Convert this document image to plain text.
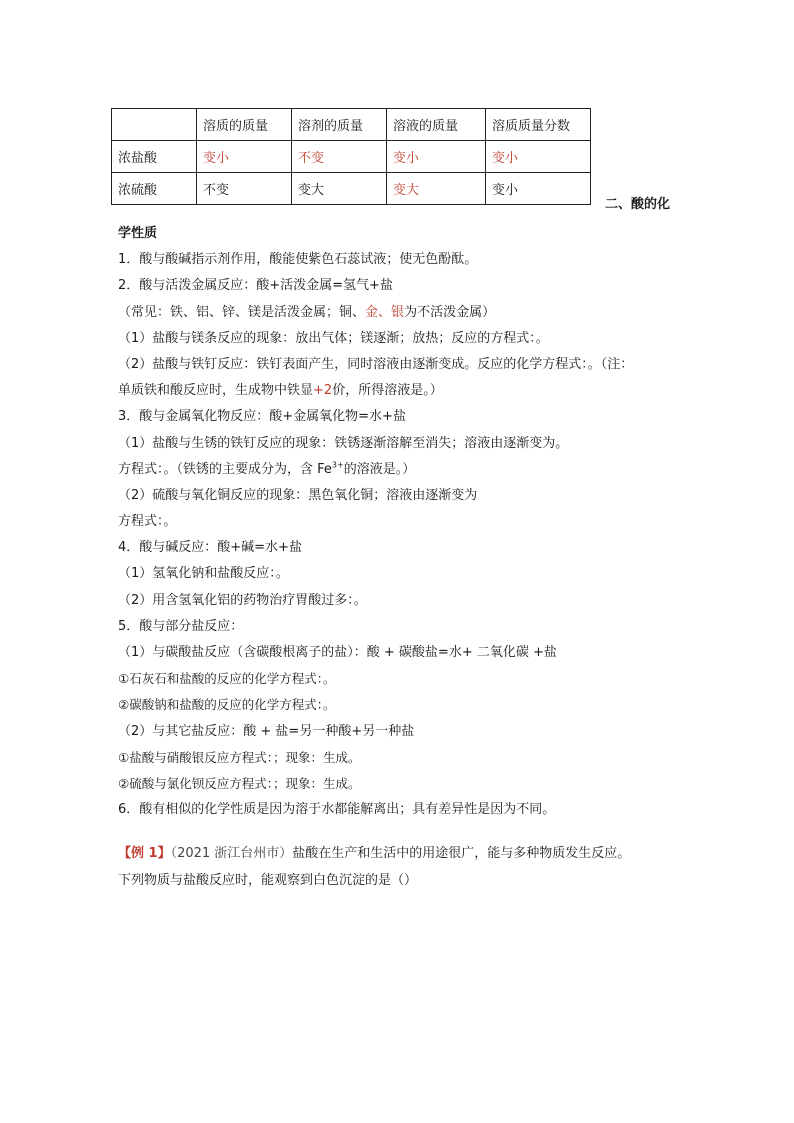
	溶质的质量	溶剂的质量	溶液的质量	溶质质量分数
浓盐酸	变小	不变	变小	变小
浓硫酸	不变	变大	变大	变小
二、酸的化
学性质
1．酸与酸碱指示剂作用，酸能使紫色石蕊试液；使无色酚酞。
2．酸与活泼金属反应：酸+活泼金属=氢气+盐
（常见：铁、铝、锌、镁是活泼金属；铜、金、银为不活泼金属）
（1）盐酸与镁条反应的现象：放出气体；镁逐渐；放热；反应的方程式：。
（2）盐酸与铁钉反应：铁钉表面产生，同时溶液由逐渐变成。反应的化学方程式：。（注：
单质铁和酸反应时，生成物中铁显+2价，所得溶液是。）
3．酸与金属氧化物反应：酸+金属氧化物=水+盐
（1）盐酸与生锈的铁钉反应的现象：铁锈逐渐溶解至消失；溶液由逐渐变为。
方程式：。（铁锈的主要成分为，含 $Fe^{3+}$的溶液是。）
（2）硫酸与氧化铜反应的现象：黑色氧化铜；溶液由逐渐变为
方程式：。
4．酸与碱反应：酸+碱=水+盐
（1）氢氧化钠和盐酸反应：。
（2）用含氢氧化铝的药物治疗胃酸过多：。
5．酸与部分盐反应：
（1）与碳酸盐反应（含碳酸根离子的盐）：酸 + 碳酸盐=水+ 二氧化碳 +盐
①石灰石和盐酸的反应的化学方程式：。
②碳酸钠和盐酸的反应的化学方程式：。
（2）与其它盐反应：酸 + 盐=另一种酸+另一种盐
①盐酸与硝酸银反应方程式：；现象：生成。
②硫酸与氯化钡反应方程式：；现象：生成。
6．酸有相似的化学性质是因为溶于水都能解离出；具有差异性是因为不同。
【例 1】（2021 浙江台州市）盐酸在生产和生活中的用途很广，能与多种物质发生反应。
下列物质与盐酸反应时，能观察到白色沉淀的是（）
